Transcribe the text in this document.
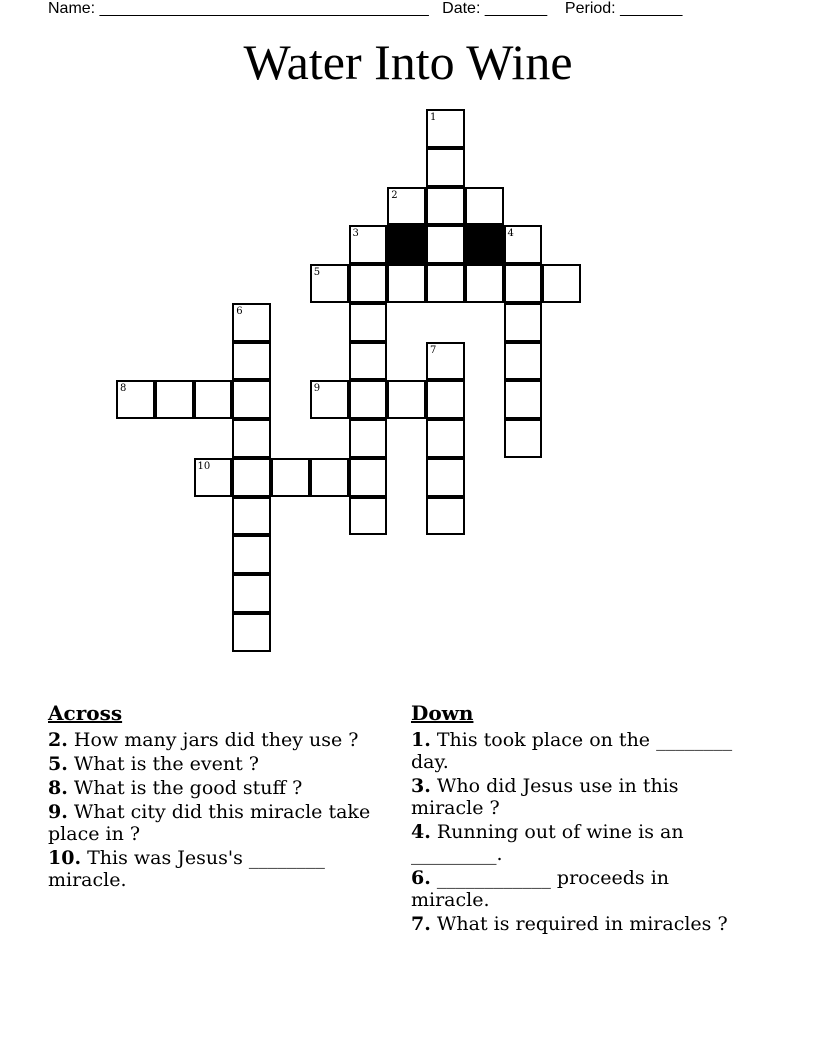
Name: _____________________________________ Date: _______ Period: _______
Water Into Wine
1
2
3	4
5
6
7
8	9
10
Across
2. How many jars did they use ?
5. What is the event ?
8. What is the good stuff ?
9. What city did this miracle take place in ?
10. This was Jesus's ________ miracle.
Down
1. This took place on the ________ day.
3. Who did Jesus use in this miracle ?
4. Running out of wine is an _________.
6. ____________ proceeds in miracle.
7. What is required in miracles ?
